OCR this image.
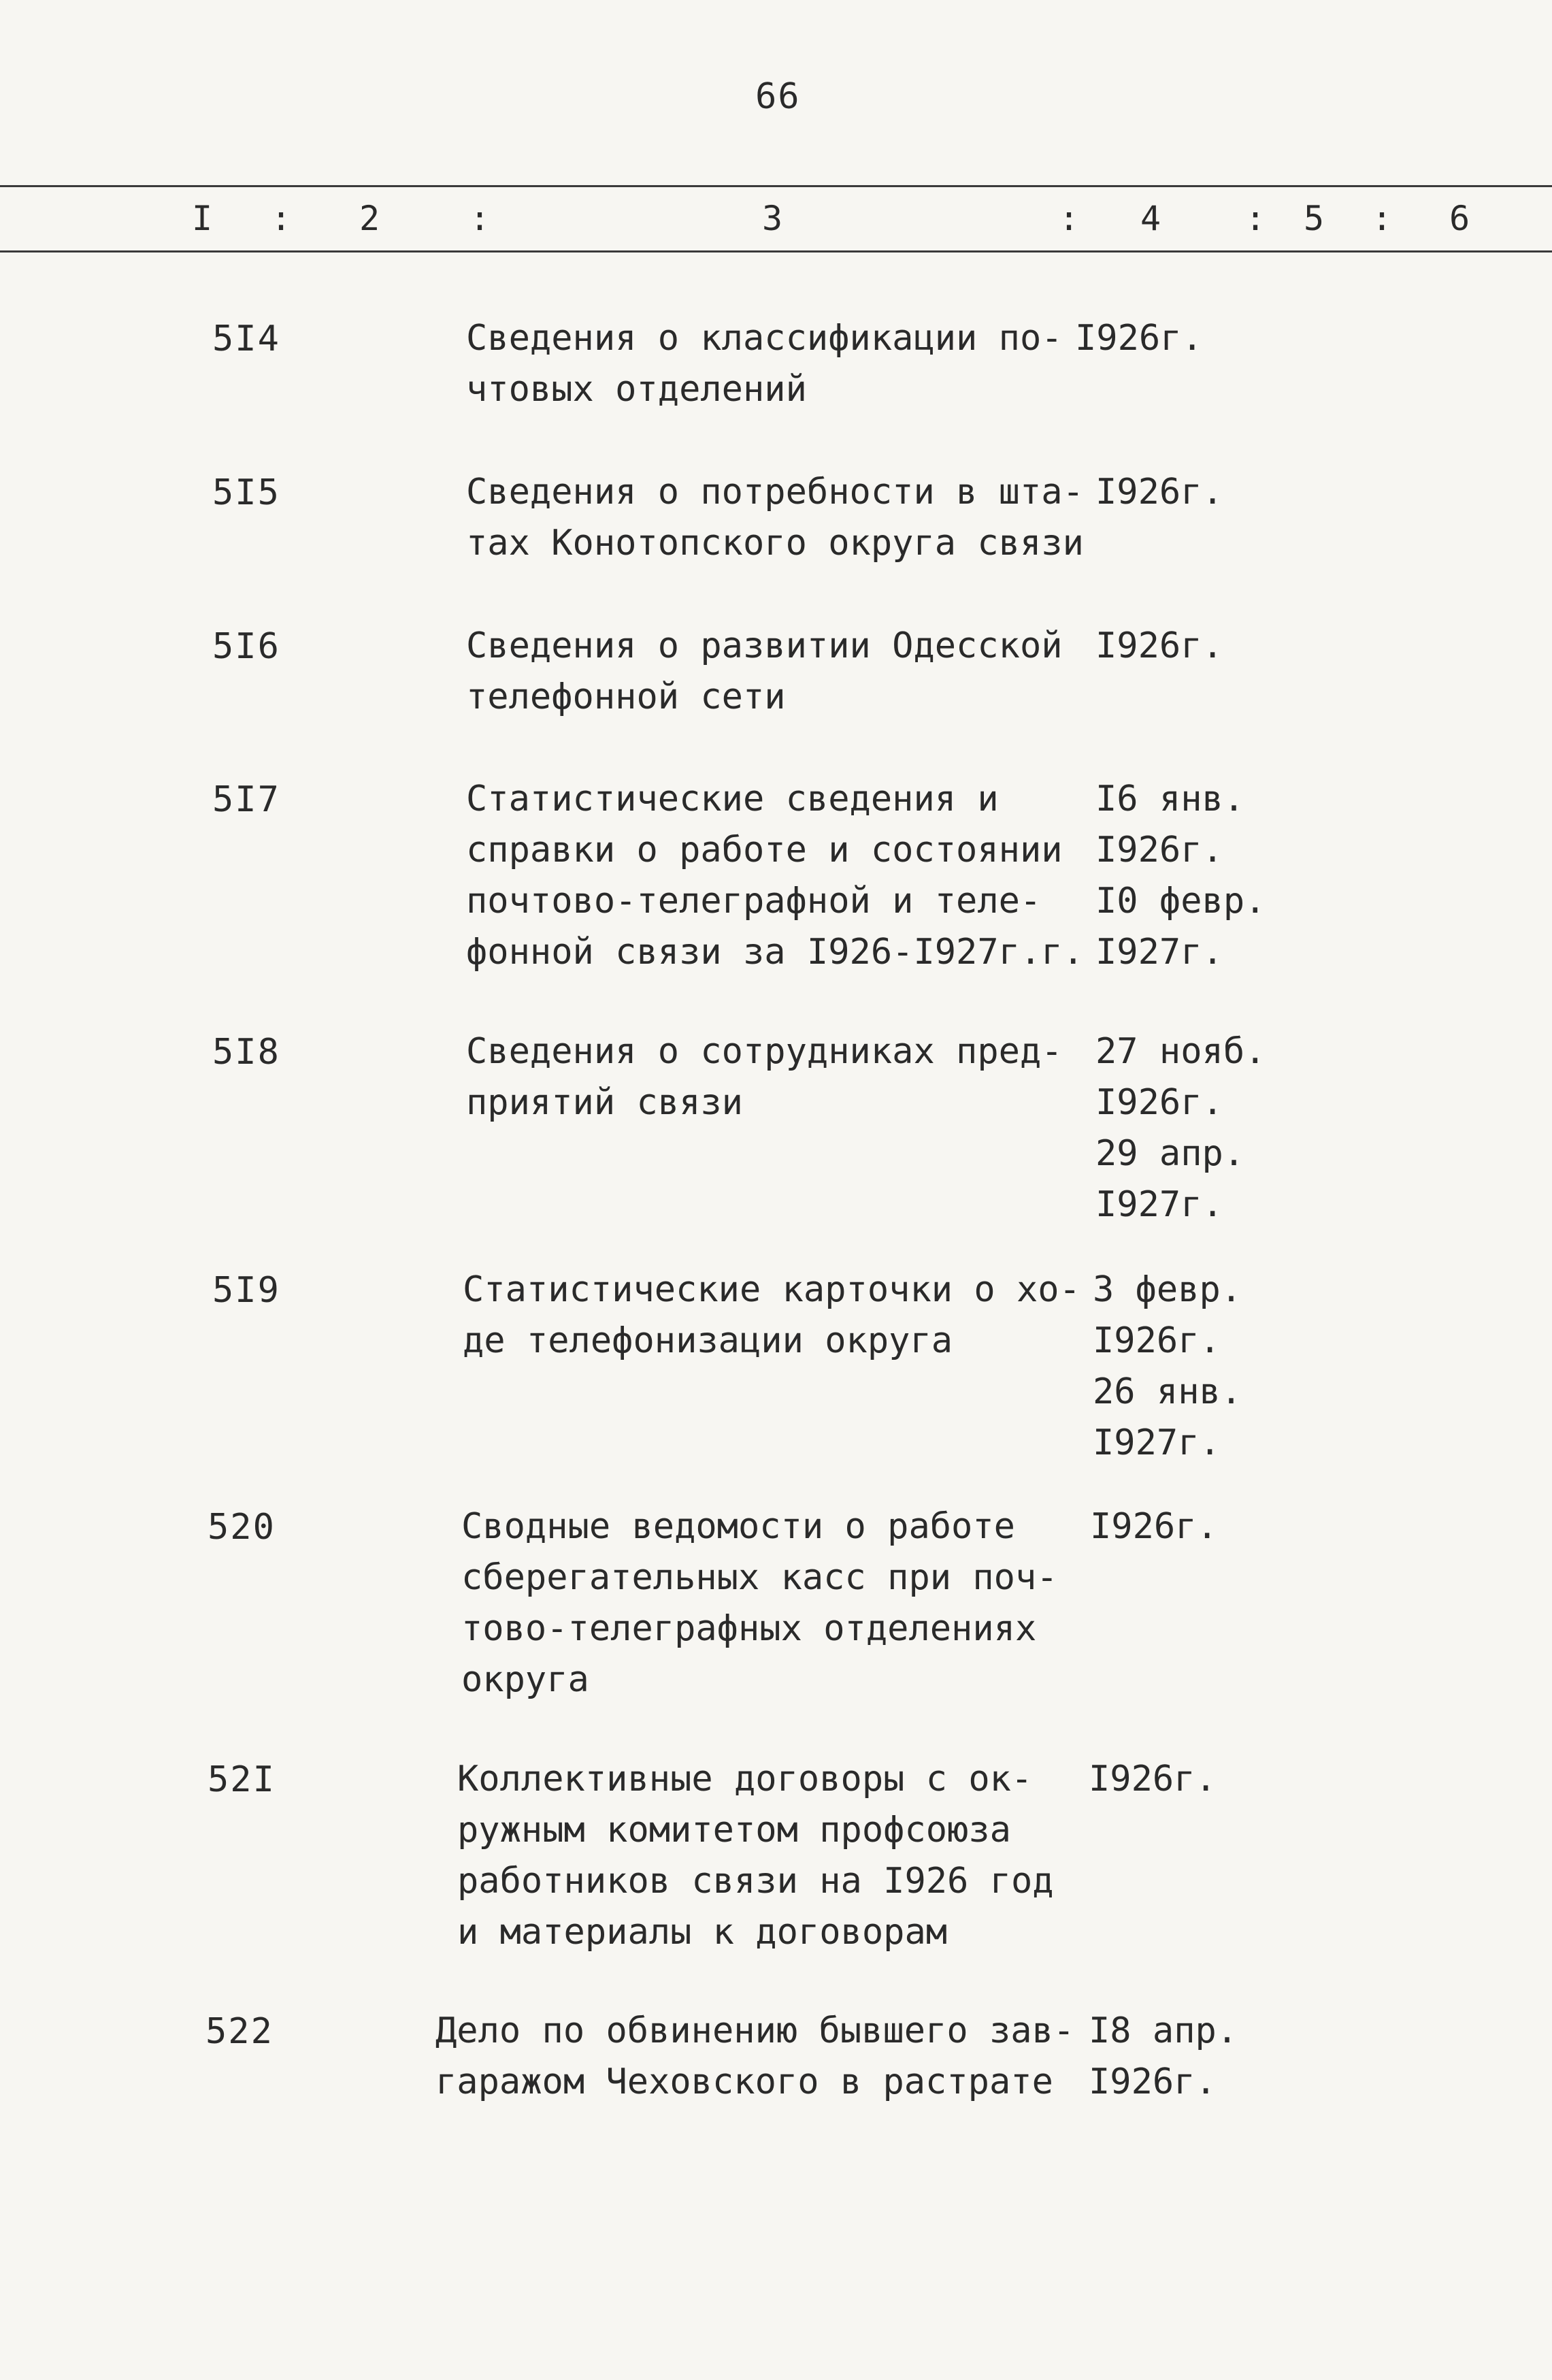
66
I : 2	:	3	: 4 : 5 : 6
5I4	Сведения о классификации по-
чтовых отделений
I926г.
5I5	Сведения о потребности в шта-
тах Конотопского округа связи
I926г.
5I6	Сведения о развитии Одесской
телефонной сети
I926г.
5I7	Статистические сведения и
справки о работе и состоянии
почтово-телеграфной и теле-
фонной связи за I926-I927г.г.
I6 янв.
I926г.
I0 февр.
I927г.
5I8	Сведения о сотрудниках пред-
приятий связи
27 нояб.
I926г.
29 апр.
I927г.
5I9	Статистические карточки о хо-
де телефонизации округа
3 февр.
I926г.
26 янв.
I927г.
520	Сводные ведомости о работе
сберегательных касс при поч-
тово-телеграфных отделениях
округа
I926г.
52I	Коллективные договоры с ок-
ружным комитетом профсоюза
работников связи на I926 год
и материалы к договорам
I926г.
522	Дело по обвинению бывшего зав-
гаражом Чеховского в растрате
I8 апр.
I926г.
